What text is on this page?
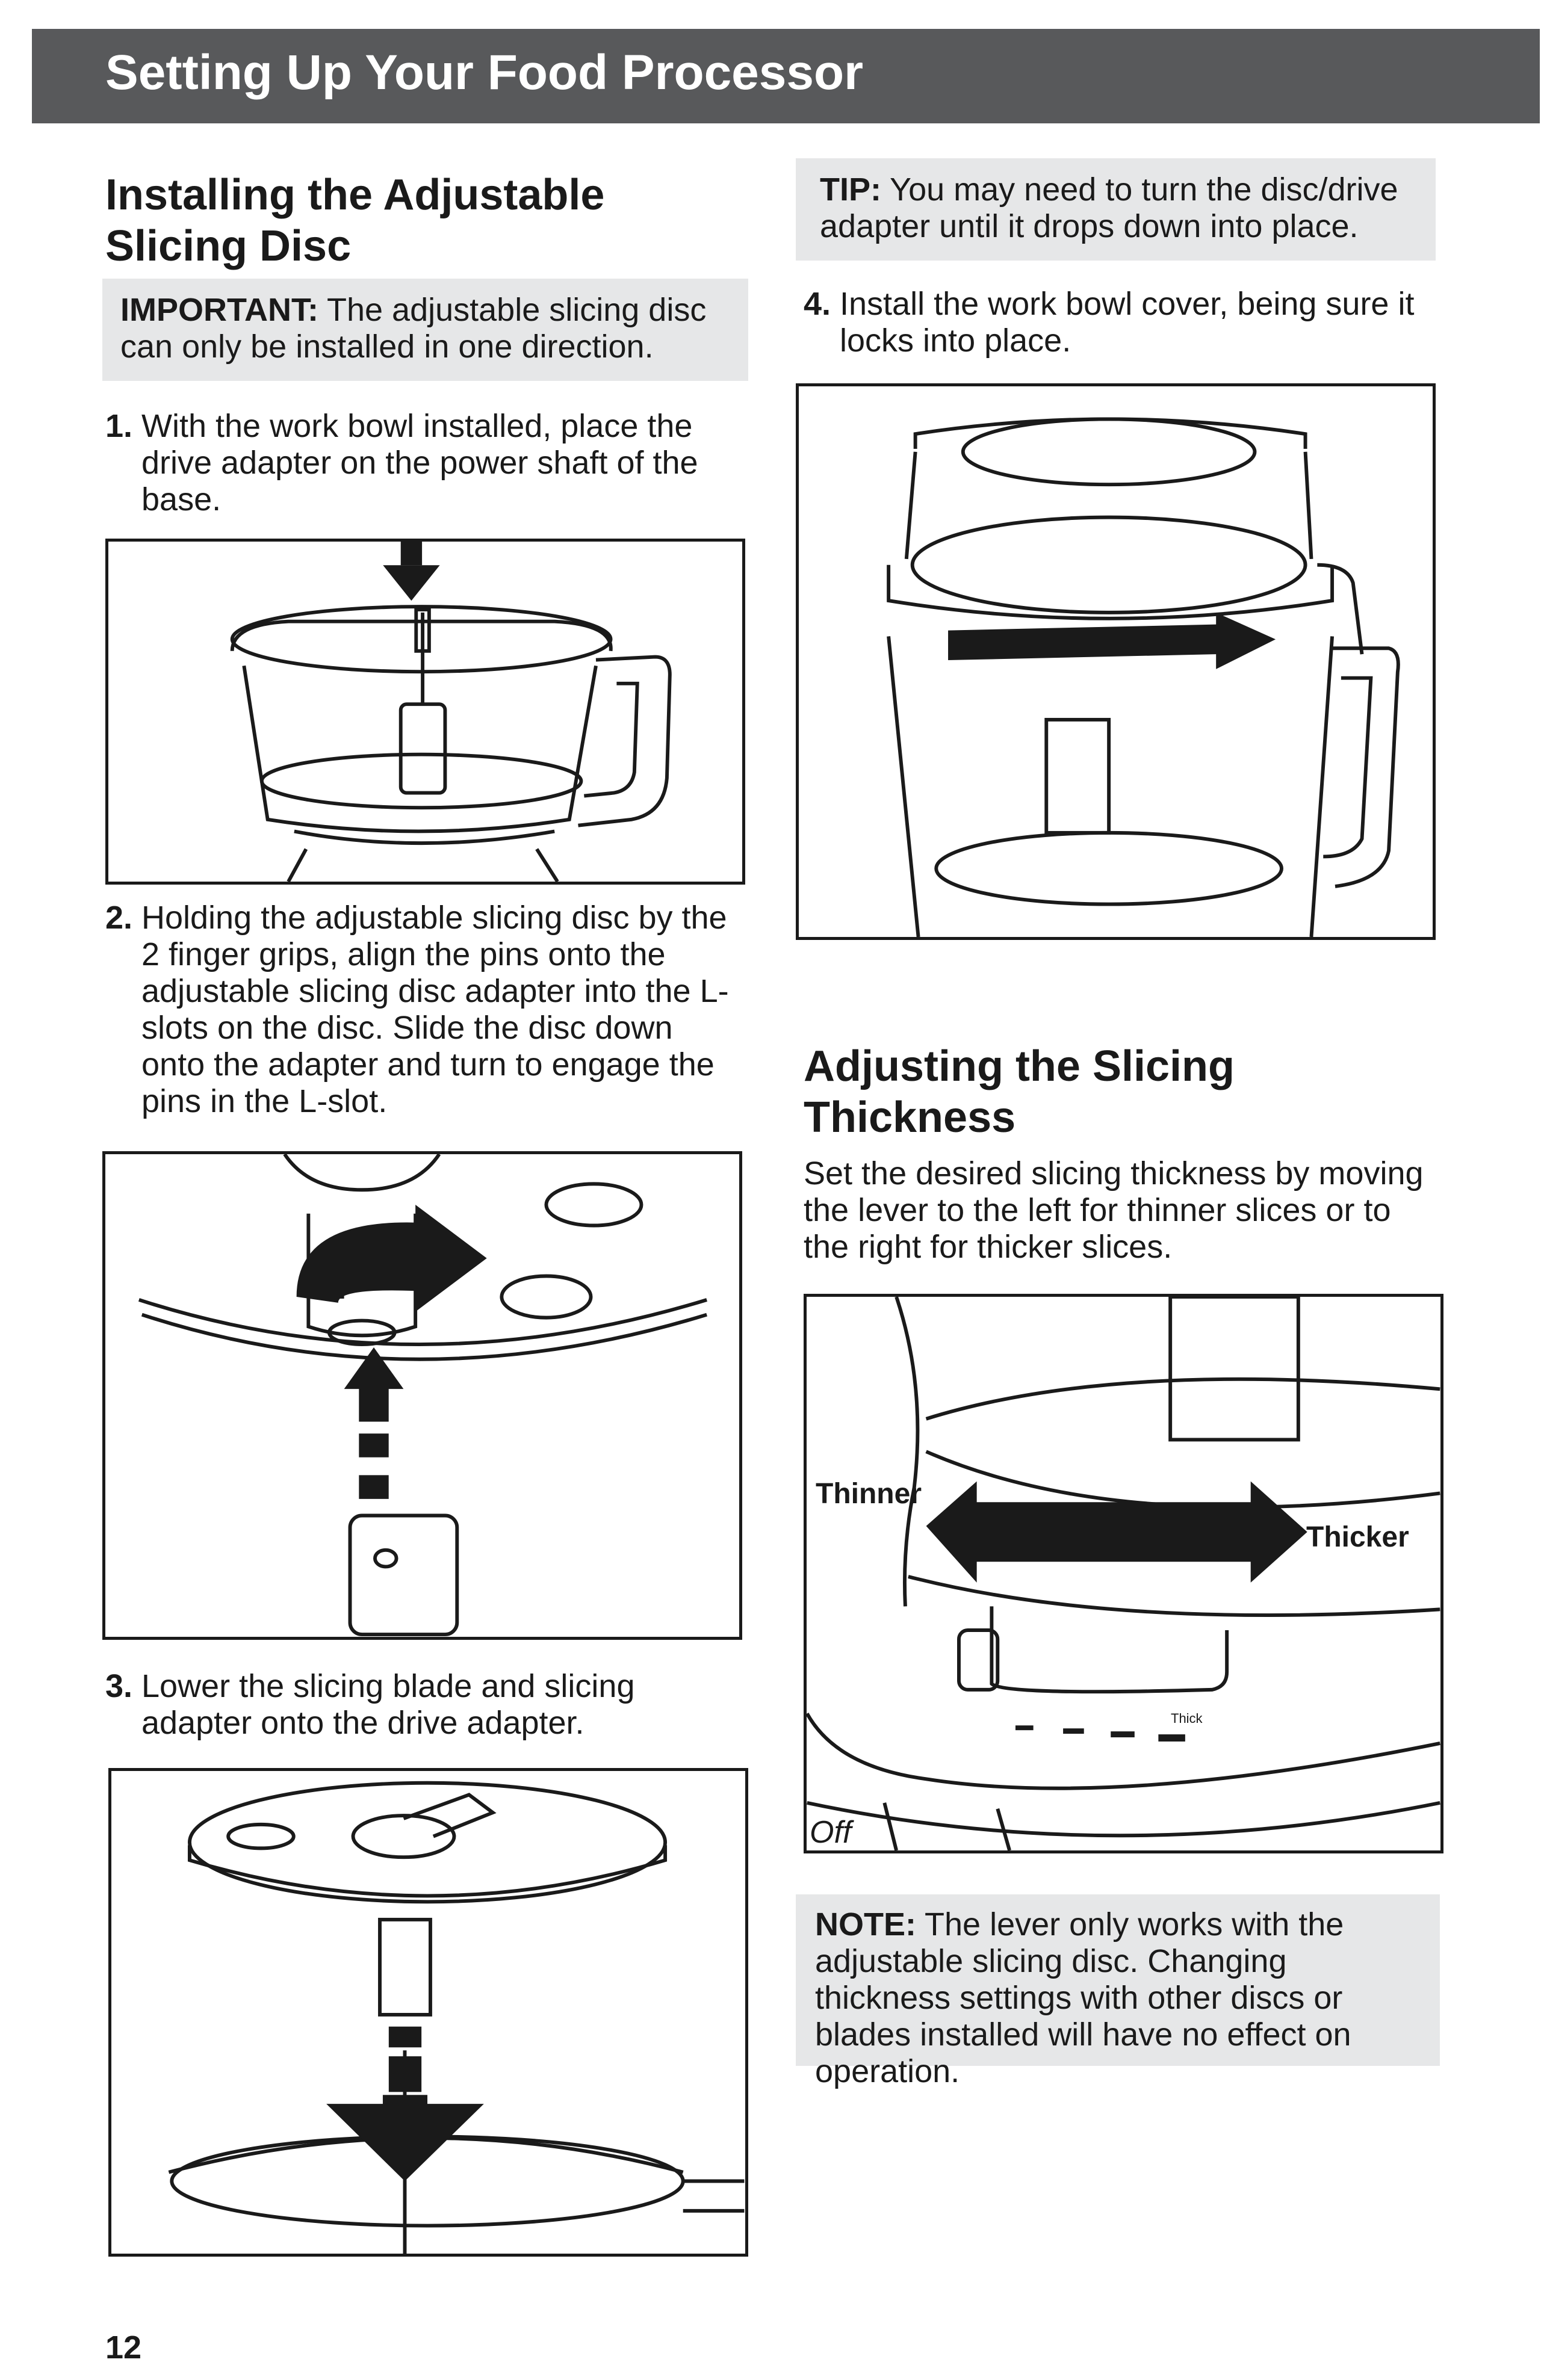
Setting Up Your Food Processor
Installing the Adjustable Slicing Disc
IMPORTANT: The adjustable slicing disc can only be installed in one direction.
1. With the work bowl installed, place the drive adapter on the power shaft of the base.
2. Holding the adjustable slicing disc by the 2 finger grips, align the pins onto the adjustable slicing disc adapter into the L-slots on the disc. Slide the disc down onto the adapter and turn to engage the pins in the L-slot.
3. Lower the slicing blade and slicing adapter onto the drive adapter.
12
TIP: You may need to turn the disc/drive adapter until it drops down into place.
4. Install the work bowl cover, being sure it locks into place.
Adjusting the Slicing Thickness

Set the desired slicing thickness by moving the lever to the left for thinner slices or to the right for thicker slices.

Thinner
Thicker
Thick
Off
NOTE: The lever only works with the adjustable slicing disc. Changing thickness settings with other discs or blades installed will have no effect on operation.
